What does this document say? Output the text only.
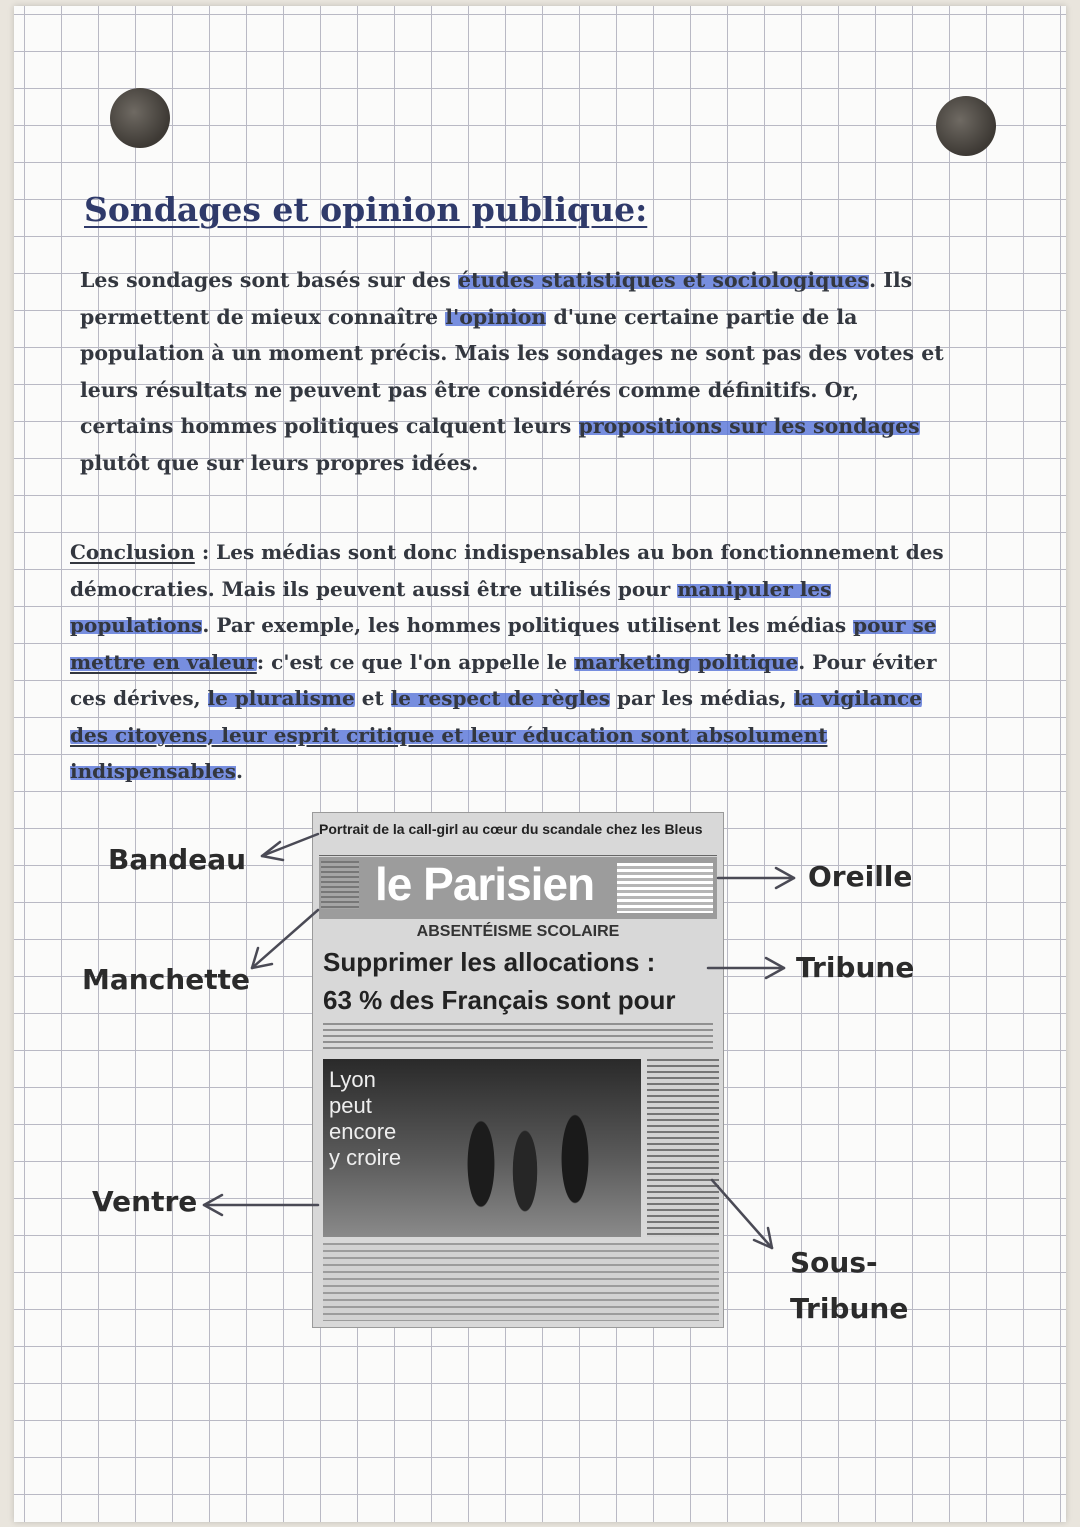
Sondages et opinion publique:
Les sondages sont basés sur des études statistiques et sociologiques. Ils
permettent de mieux connaître l'opinion d'une certaine partie de la
population à un moment précis. Mais les sondages ne sont pas des votes et
leurs résultats ne peuvent pas être considérés comme définitifs. Or,
certains hommes politiques calquent leurs propositions sur les sondages
plutôt que sur leurs propres idées.
Conclusion : Les médias sont donc indispensables au bon fonctionnement des
démocraties. Mais ils peuvent aussi être utilisés pour manipuler les
populations. Par exemple, les hommes politiques utilisent les médias pour se
mettre en valeur: c'est ce que l'on appelle le marketing politique. Pour éviter
ces dérives, le pluralisme et le respect de règles par les médias, la vigilance
des citoyens, leur esprit critique et leur éducation sont absolument
indispensables.
Portrait de la call-girl au cœur du scandale chez les Bleus
le Parisien
ABSENTÉISME SCOLAIRE
Supprimer les allocations :
63 % des Français sont pour
Lyon
peut
encore
y croire
Bandeau
Manchette
Ventre
Oreille
Tribune
Sous-
Tribune
